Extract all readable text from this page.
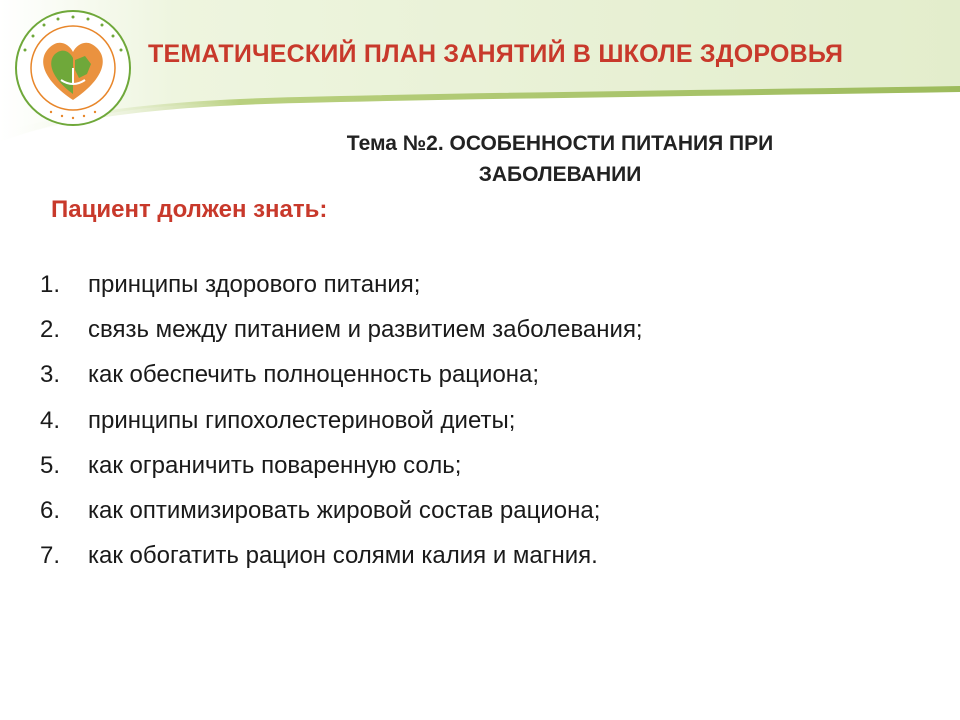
ТЕМАТИЧЕСКИЙ ПЛАН ЗАНЯТИЙ В ШКОЛЕ ЗДОРОВЬЯ
Тема №2. ОСОБЕННОСТИ ПИТАНИЯ ПРИ
ЗАБОЛЕВАНИИ
Пациент должен знать:
1.	принципы здорового питания;
2.	связь между питанием и развитием заболевания;
3.	как обеспечить полноценность рациона;
4.	принципы гипохолестериновой диеты;
5.	как ограничить поваренную соль;
6.	как оптимизировать жировой состав рациона;
7.	как обогатить рацион солями калия и магния.
